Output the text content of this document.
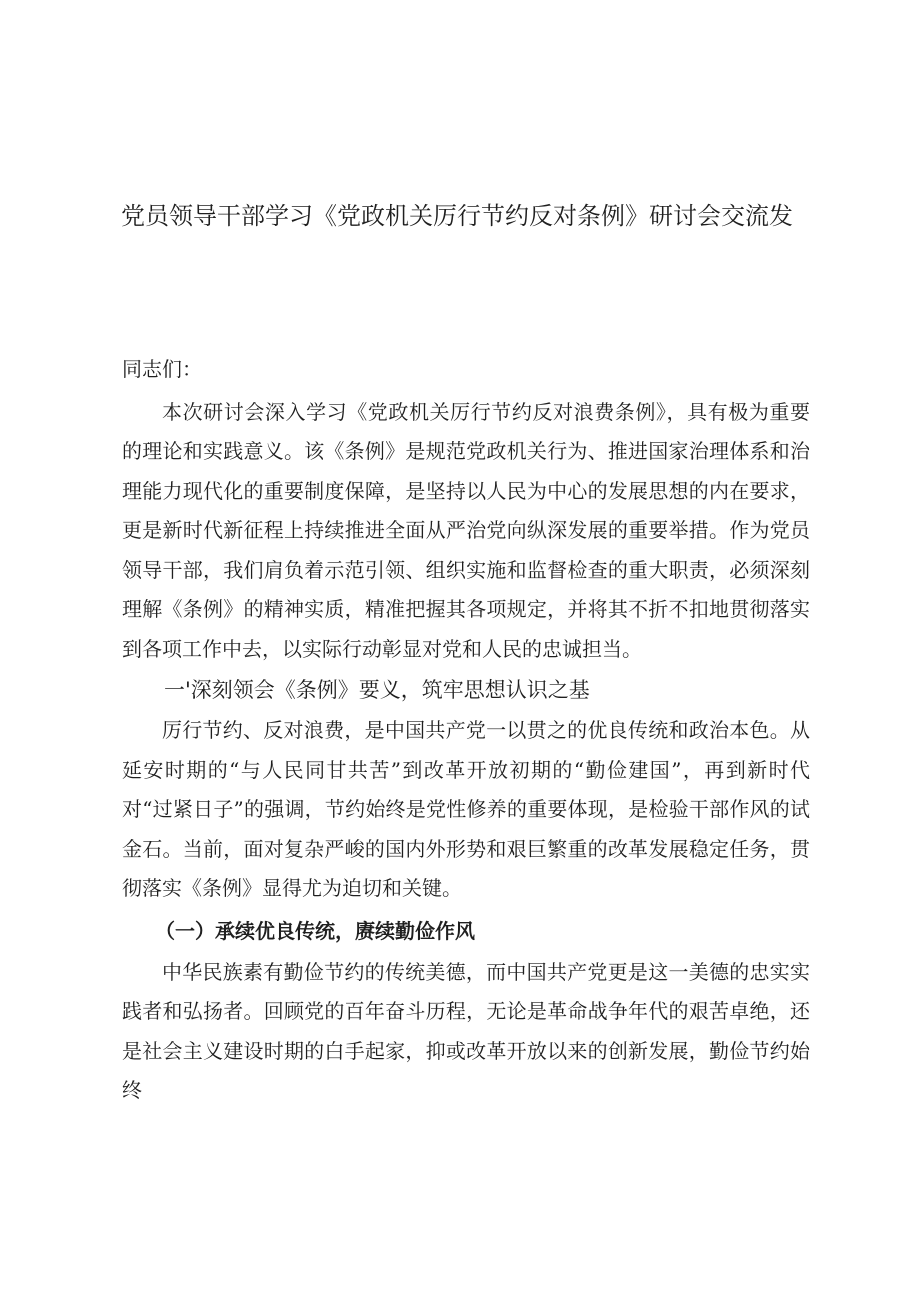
党员领导干部学习《党政机关厉行节约反对条例》研讨会交流发

同志们：

本次研讨会深入学习《党政机关厉行节约反对浪费条例》，具有极为重要的理论和实践意义。该《条例》是规范党政机关行为、推进国家治理体系和治理能力现代化的重要制度保障，是坚持以人民为中心的发展思想的内在要求，更是新时代新征程上持续推进全面从严治党向纵深发展的重要举措。作为党员领导干部，我们肩负着示范引领、组织实施和监督检查的重大职责，必须深刻理解《条例》的精神实质，精准把握其各项规定，并将其不折不扣地贯彻落实到各项工作中去，以实际行动彰显对党和人民的忠诚担当。

一'深刻领会《条例》要义，筑牢思想认识之基

厉行节约、反对浪费，是中国共产党一以贯之的优良传统和政治本色。从延安时期的“与人民同甘共苦”到改革开放初期的“勤俭建国”，再到新时代对“过紧日子”的强调，节约始终是党性修养的重要体现，是检验干部作风的试金石。当前，面对复杂严峻的国内外形势和艰巨繁重的改革发展稳定任务，贯彻落实《条例》显得尤为迫切和关键。

（一）承续优良传统，赓续勤俭作风

中华民族素有勤俭节约的传统美德，而中国共产党更是这一美德的忠实实践者和弘扬者。回顾党的百年奋斗历程，无论是革命战争年代的艰苦卓绝，还是社会主义建设时期的白手起家，抑或改革开放以来的创新发展，勤俭节约始终
